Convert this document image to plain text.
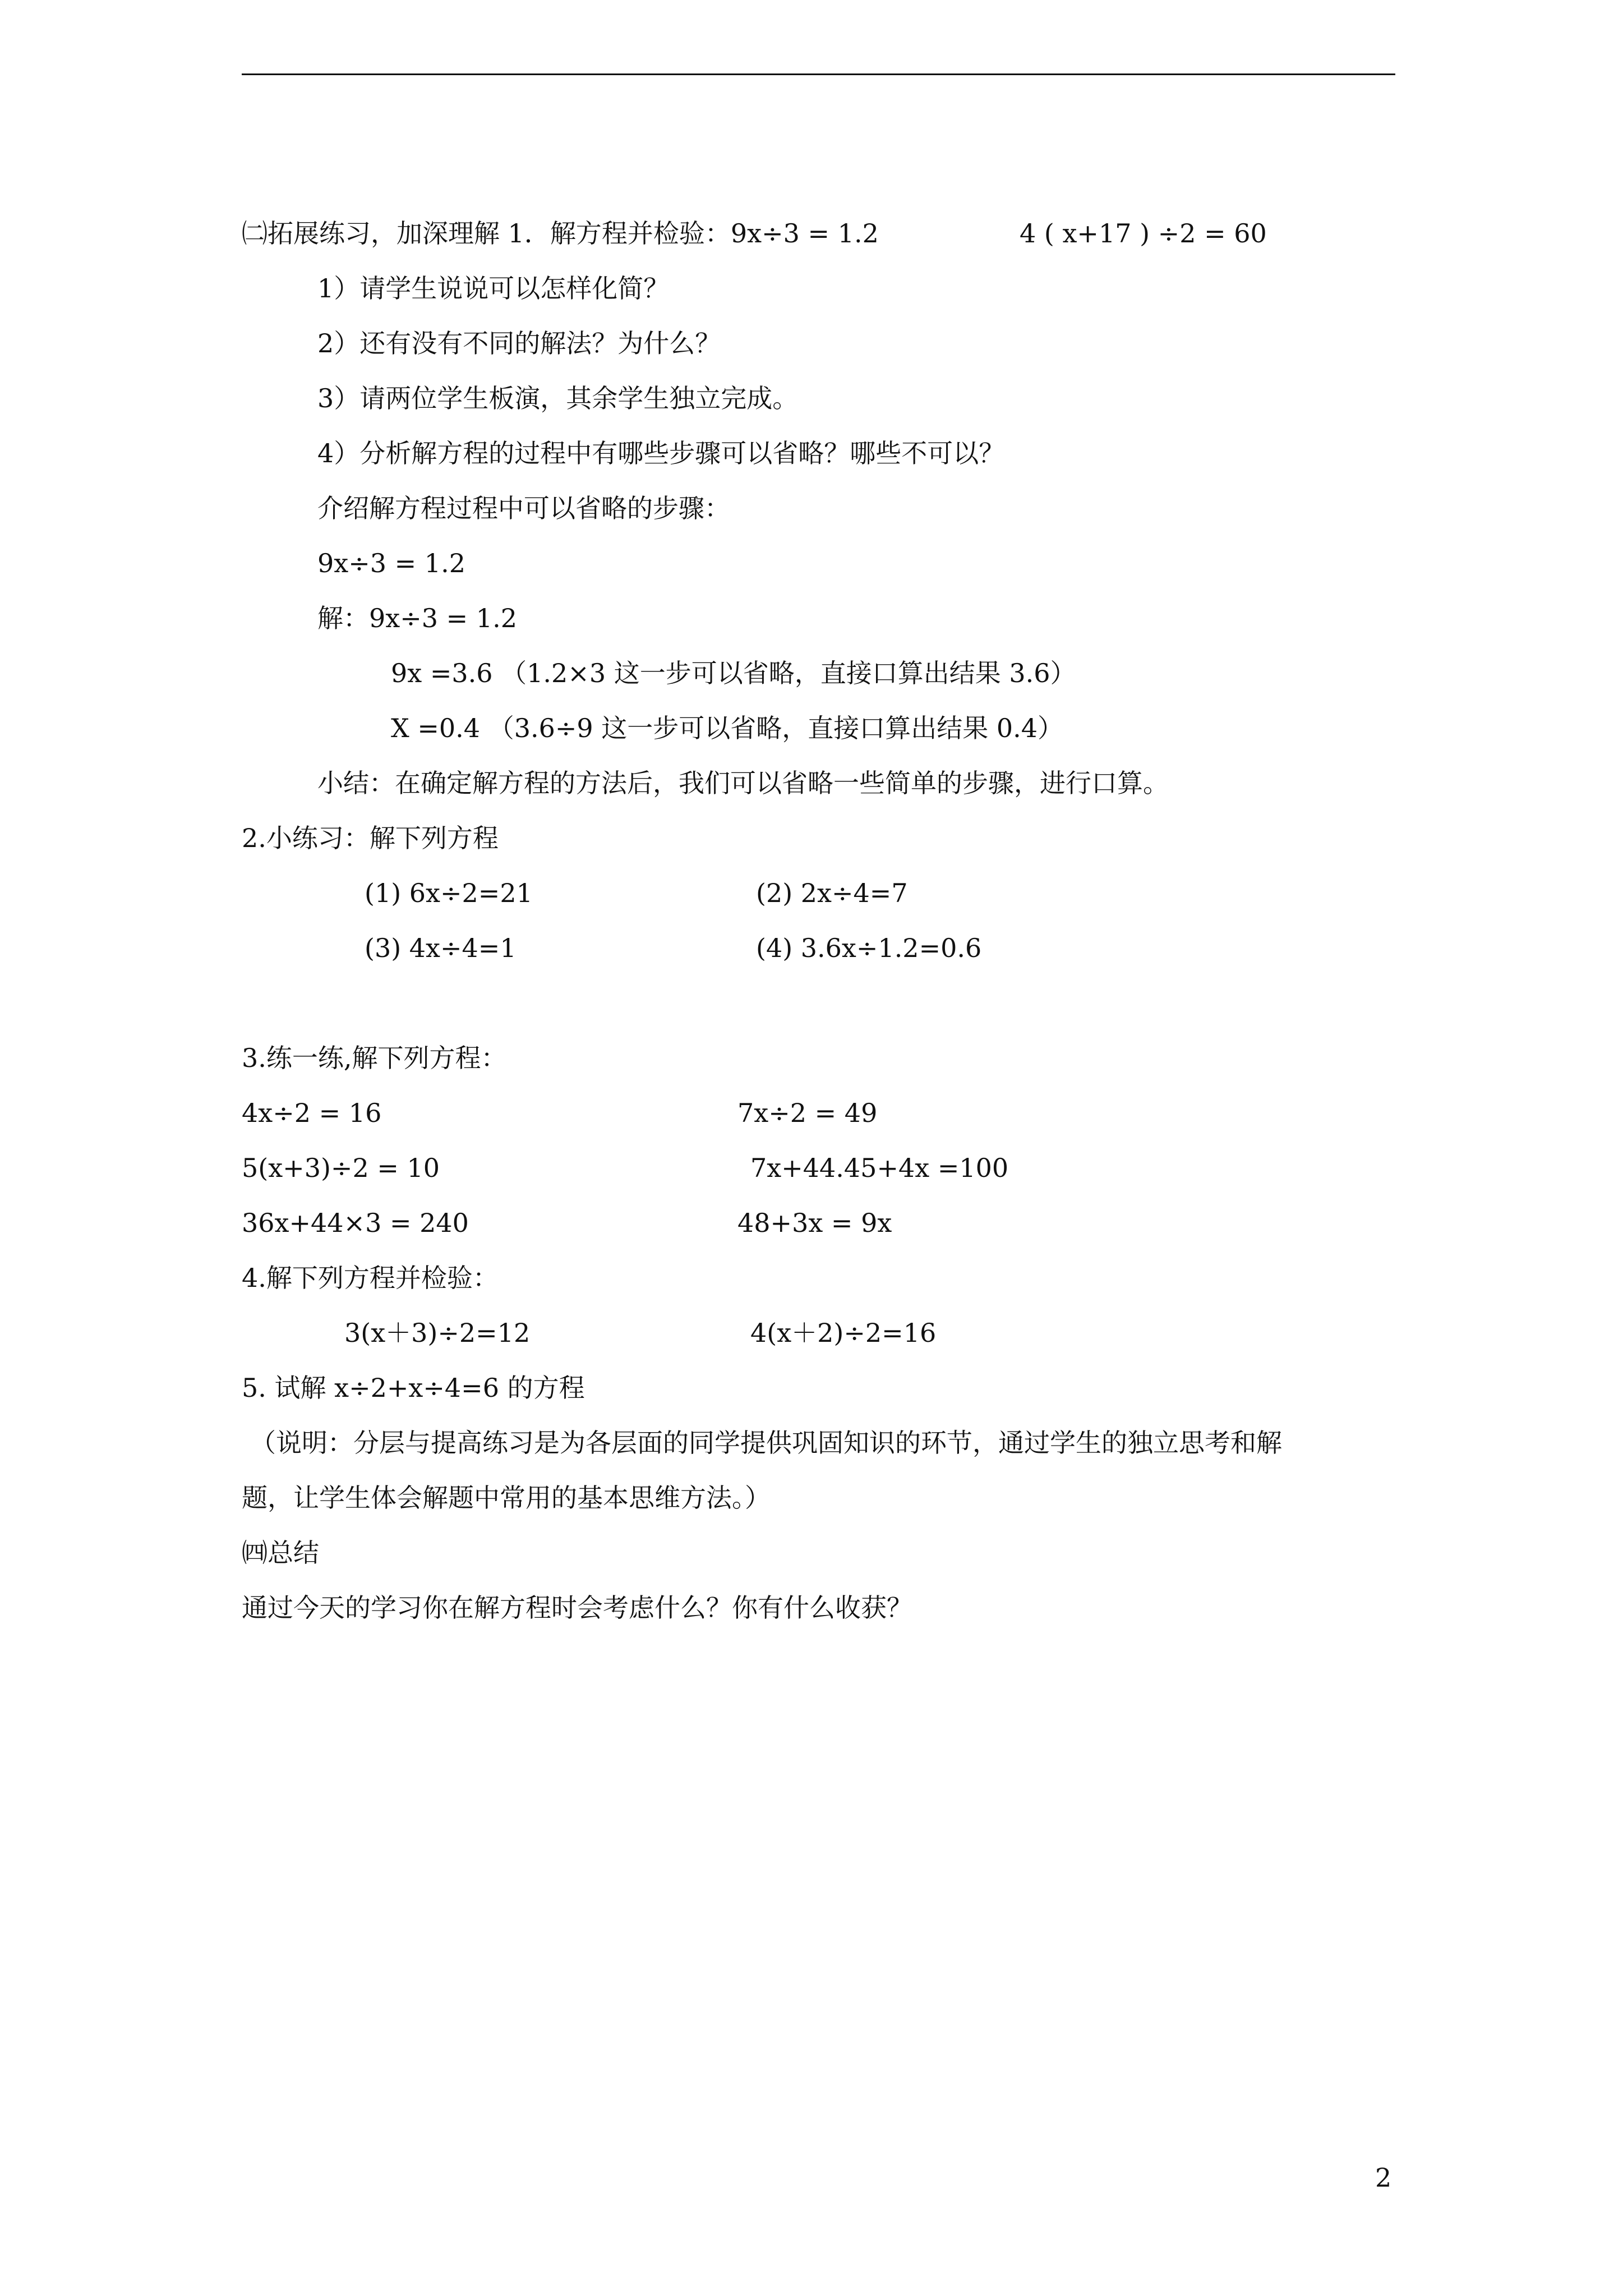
㈡拓展练习，加深理解 1．解方程并检验：9x÷3 = 1.2	4 ( x+17 ) ÷2 = 60
1）请学生说说可以怎样化简？
2）还有没有不同的解法？为什么？
3）请两位学生板演，其余学生独立完成。
4）分析解方程的过程中有哪些步骤可以省略？哪些不可以？
介绍解方程过程中可以省略的步骤：
9x÷3 = 1.2
解：9x÷3 = 1.2
9x =3.6 （1.2×3 这一步可以省略，直接口算出结果 3.6）
X =0.4 （3.6÷9 这一步可以省略，直接口算出结果 0.4）
小结：在确定解方程的方法后，我们可以省略一些简单的步骤，进行口算。
2.小练习：解下列方程
(1) 6x÷2=21	(2) 2x÷4=7
(3) 4x÷4=1	(4) 3.6x÷1.2=0.6
3.练一练,解下列方程：
4x÷2 = 16	7x÷2 = 49
5(x+3)÷2 = 10	7x+44.45+4x =100
36x+44×3 = 240	48+3x = 9x
4.解下列方程并检验：
3(x＋3)÷2=12	4(x＋2)÷2=16
5. 试解 x÷2+x÷4=6 的方程
（说明：分层与提高练习是为各层面的同学提供巩固知识的环节，通过学生的独立思考和解
题，让学生体会解题中常用的基本思维方法。）
㈣总结
通过今天的学习你在解方程时会考虑什么？你有什么收获？
2
